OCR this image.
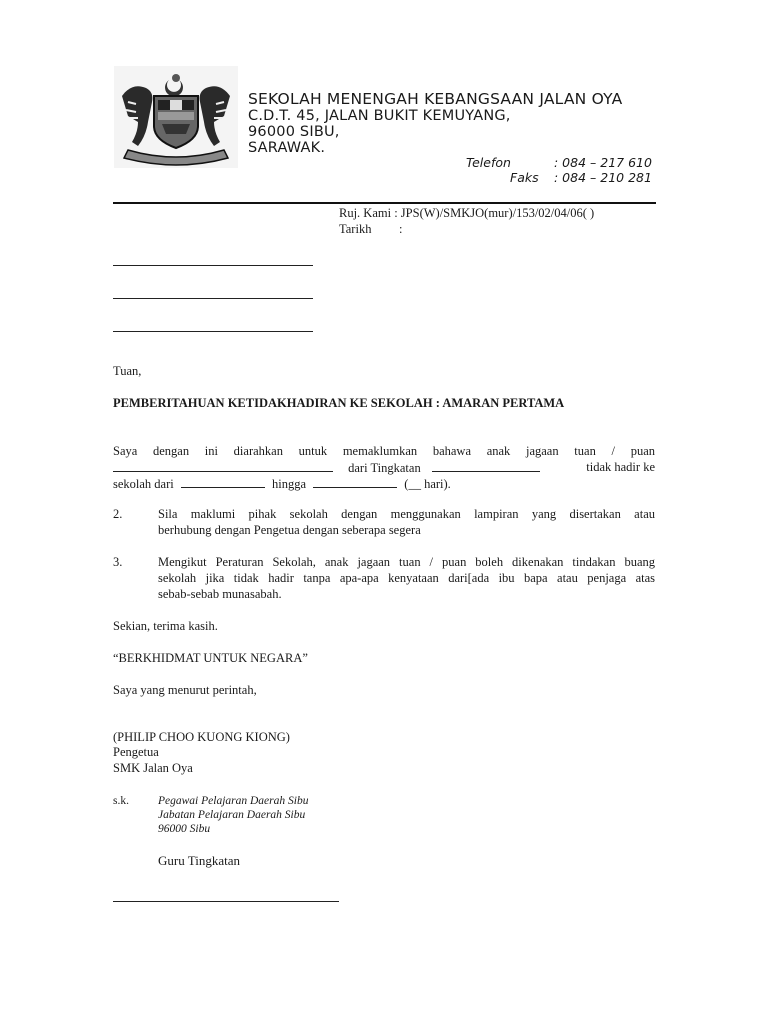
SEKOLAH MENENGAH KEBANGSAAN JALAN OYA
C.D.T. 45, JALAN BUKIT KEMUYANG,
96000 SIBU,
SARAWAK.
Telefon	: 084 – 217 610
Faks : 084 – 210 281
Ruj. Kami : JPS(W)/SMKJO(mur)/153/02/04/06( )
Tarikh :
Tuan,
PEMBERITAHUAN KETIDAKHADIRAN KE SEKOLAH : AMARAN PERTAMA
Saya dengan ini diarahkan untuk memaklumkan bahawa anak jagaan tuan / puan
dari Tingkatan	tidak hadir ke
sekolah dari	hingga	(__ hari).
2.	Sila maklumi pihak sekolah dengan menggunakan lampiran yang disertakan atau
berhubung dengan Pengetua dengan seberapa segera
3.	Mengikut Peraturan Sekolah, anak jagaan tuan / puan boleh dikenakan tindakan buang
sekolah jika tidak hadir tanpa apa-apa kenyataan dari[ada ibu bapa atau penjaga atas
sebab-sebab munasabah.
Sekian, terima kasih.
“BERKHIDMAT UNTUK NEGARA”
Saya yang menurut perintah,
(PHILIP CHOO KUONG KIONG)
Pengetua
SMK Jalan Oya
s.k.	Pegawai Pelajaran Daerah Sibu
Jabatan Pelajaran Daerah Sibu
96000 Sibu
Guru Tingkatan
